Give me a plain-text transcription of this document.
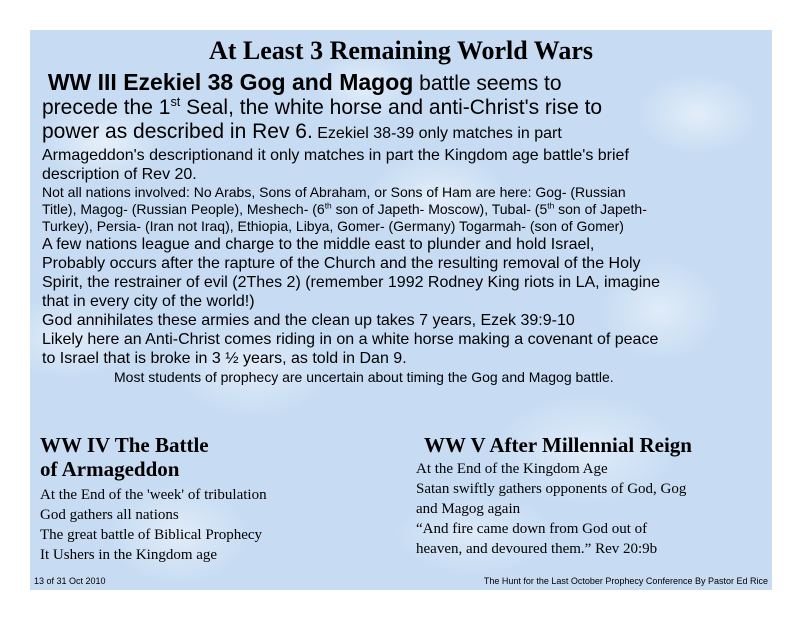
At Least 3 Remaining World Wars

WW III Ezekiel 38 Gog and Magog battle seems to

precede the 1st Seal, the white horse and anti-Christ's rise to

power as described in Rev 6. Ezekiel 38-39 only matches in part

Armageddon's descriptionand it only matches in part the Kingdom age battle's brief

description of Rev 20.

Not all nations involved: No Arabs, Sons of Abraham, or Sons of Ham are here: Gog- (Russian

Title), Magog- (Russian People), Meshech- (6th son of Japeth- Moscow), Tubal- (5th son of Japeth-

Turkey), Persia- (Iran not Iraq), Ethiopia, Libya, Gomer- (Germany) Togarmah- (son of Gomer)

A few nations league and charge to the middle east to plunder and hold Israel,

Probably occurs after the rapture of the Church and the resulting removal of the Holy

Spirit, the restrainer of evil (2Thes 2) (remember 1992 Rodney King riots in LA, imagine

that in every city of the world!)

God annihilates these armies and the clean up takes 7 years, Ezek 39:9-10

Likely here an Anti-Christ comes riding in on a white horse making a covenant of peace

to Israel that is broke in 3 ½ years, as told in Dan 9.

Most students of prophecy are uncertain about timing the Gog and Magog battle.

WW IV The Battle
of Armageddon

At the End of the 'week' of tribulation

God gathers all nations

The great battle of Biblical Prophecy

It Ushers in the Kingdom age

WW V After Millennial Reign

At the End of the Kingdom Age

Satan swiftly gathers opponents of God, Gog

and Magog again

“And fire came down from God out of

heaven, and devoured them.” Rev 20:9b

13 of 31 Oct 2010	The Hunt for the Last October Prophecy Conference By Pastor Ed Rice
